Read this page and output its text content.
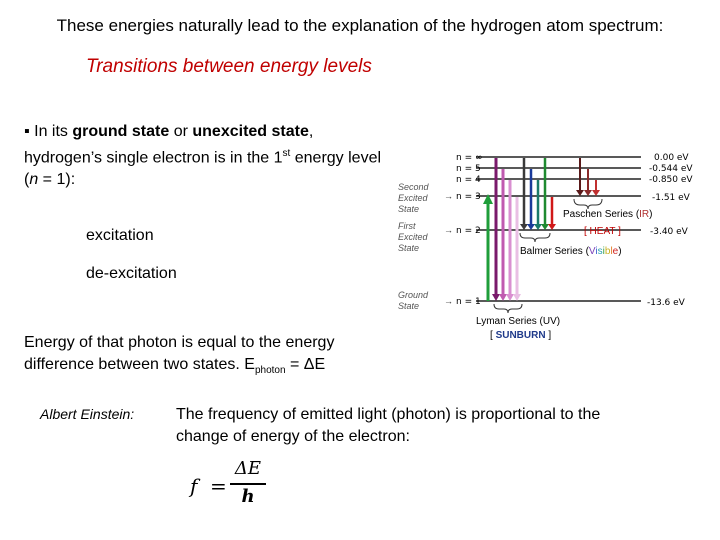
These energies naturally lead to the explanation of the hydrogen atom spectrum:
Transitions between energy levels
▪ In its ground state or unexcited state, hydrogen’s single electron is in the 1st energy level (n = 1):
excitation
de-excitation
Energy of that photon is equal to the energy difference between two states. $E_{photon} = \Delta E$
Albert Einstein:	The frequency of emitted light (photon) is proportional to the change of energy of the electron:
f =
ΔE
h
n = ∞
n = 5
n = 4
n = 3
n = 2
n = 1
→
→
→
0.00 eV
-0.544 eV
-0.850 eV
-1.51 eV
-3.40 eV
-13.6 eV
Second
Excited
State
First
Excited
State
Ground
State
Paschen Series (IR)
[ HEAT ]
Balmer Series (Visible)
Lyman Series (UV)
[ SUNBURN ]
